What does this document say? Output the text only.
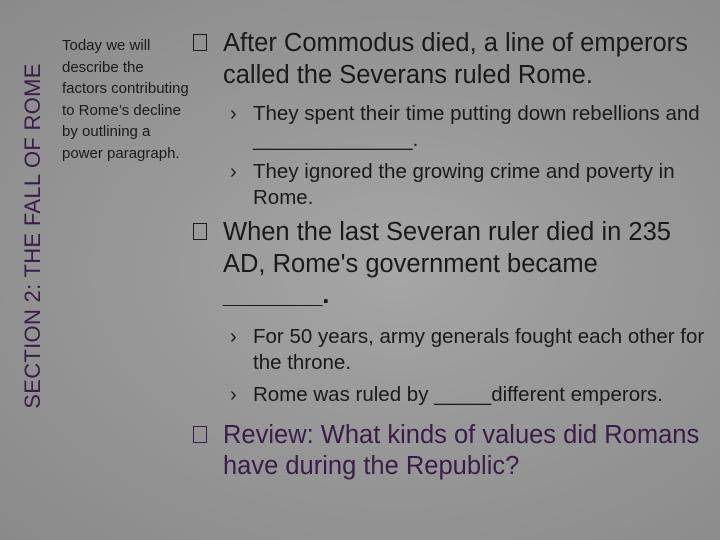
SECTION 2: THE FALL OF ROME
Today we will describe the factors contributing to Rome’s decline by outlining a power paragraph.
After Commodus died, a line of emperors called the Severans ruled Rome.
› They spent their time putting down rebellions and ______________.
› They ignored the growing crime and poverty in Rome.
When the last Severan ruler died in 235 AD, Rome's government became
_______.
› For 50 years, army generals fought each other for the throne.
› Rome was ruled by _____different emperors.
Review: What kinds of values did Romans have during the Republic?
